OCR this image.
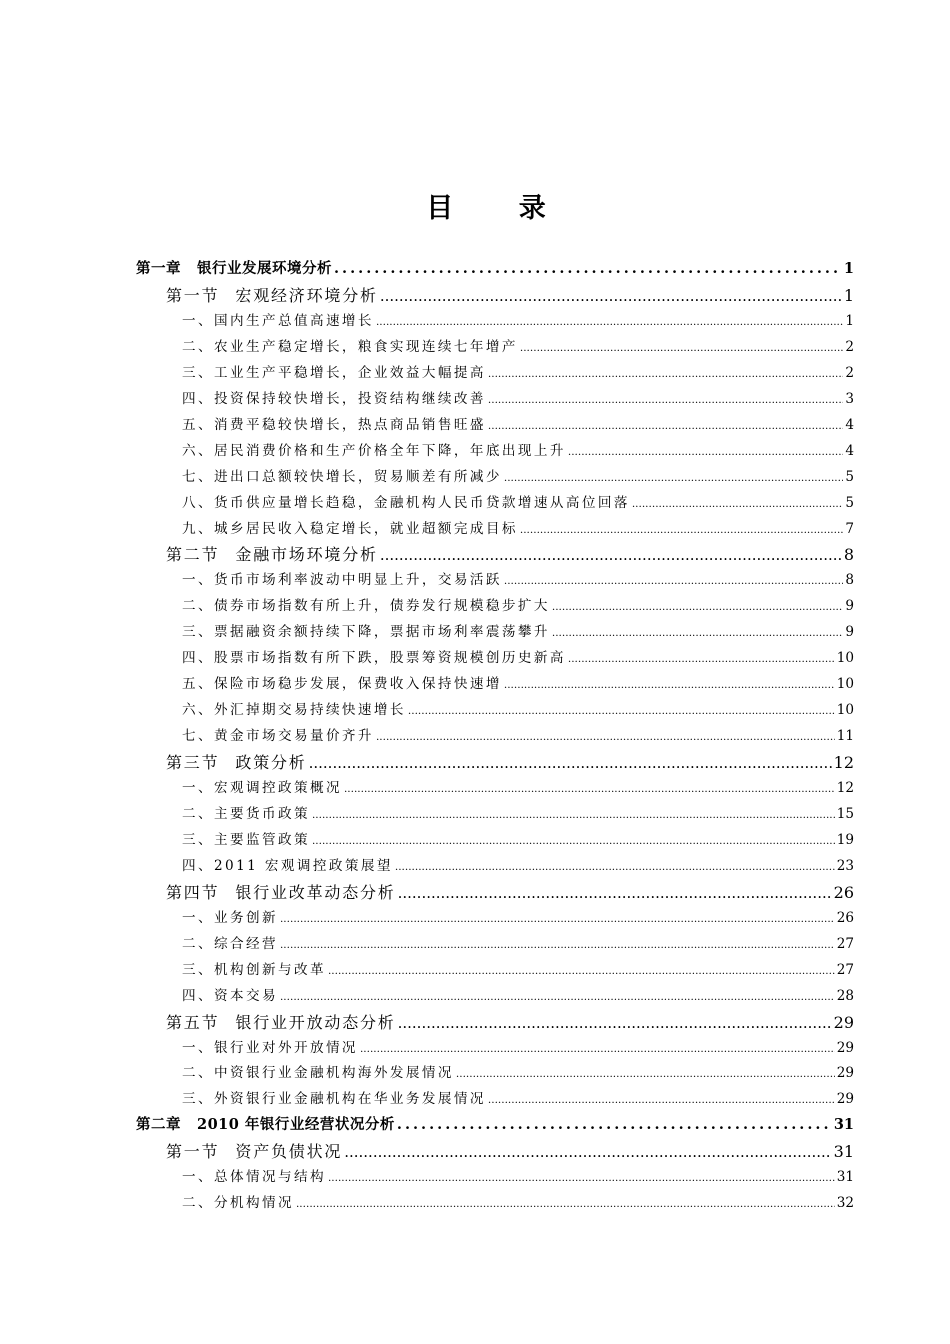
目 录
第一章 银行业发展环境分析 .....	1
第一节 宏观经济环境分析 .....	1
一、国内生产总值高速增长 .....	1
二、农业生产稳定增长，粮食实现连续七年增产 .....	2
三、工业生产平稳增长，企业效益大幅提高 .....	2
四、投资保持较快增长，投资结构继续改善 .....	3
五、消费平稳较快增长，热点商品销售旺盛 .....	4
六、居民消费价格和生产价格全年下降，年底出现上升 .....	4
七、进出口总额较快增长，贸易顺差有所减少 .....	5
八、货币供应量增长趋稳，金融机构人民币贷款增速从高位回落 .....	5
九、城乡居民收入稳定增长，就业超额完成目标 .....	7
第二节 金融市场环境分析 .....	8
一、货币市场利率波动中明显上升，交易活跃 .....	8
二、债券市场指数有所上升，债券发行规模稳步扩大 .....	9
三、票据融资余额持续下降，票据市场利率震荡攀升 .....	9
四、股票市场指数有所下跌，股票筹资规模创历史新高 .....	10
五、保险市场稳步发展，保费收入保持快速增 .....	10
六、外汇掉期交易持续快速增长 .....	10
七、黄金市场交易量价齐升 .....	11
第三节 政策分析 .....	12
一、宏观调控政策概况 .....	12
二、主要货币政策 .....	15
三、主要监管政策 .....	19
四、2011 宏观调控政策展望 .....	23
第四节 银行业改革动态分析 .....	26
一、业务创新 .....	26
二、综合经营 .....	27
三、机构创新与改革 .....	27
四、资本交易 .....	28
第五节 银行业开放动态分析 .....	29
一、银行业对外开放情况 .....	29
二、中资银行业金融机构海外发展情况 .....	29
三、外资银行业金融机构在华业务发展情况 .....	29
第二章 2010 年银行业经营状况分析 .....	31
第一节 资产负债状况 .....	31
一、总体情况与结构 .....	31
二、分机构情况 .....	32
